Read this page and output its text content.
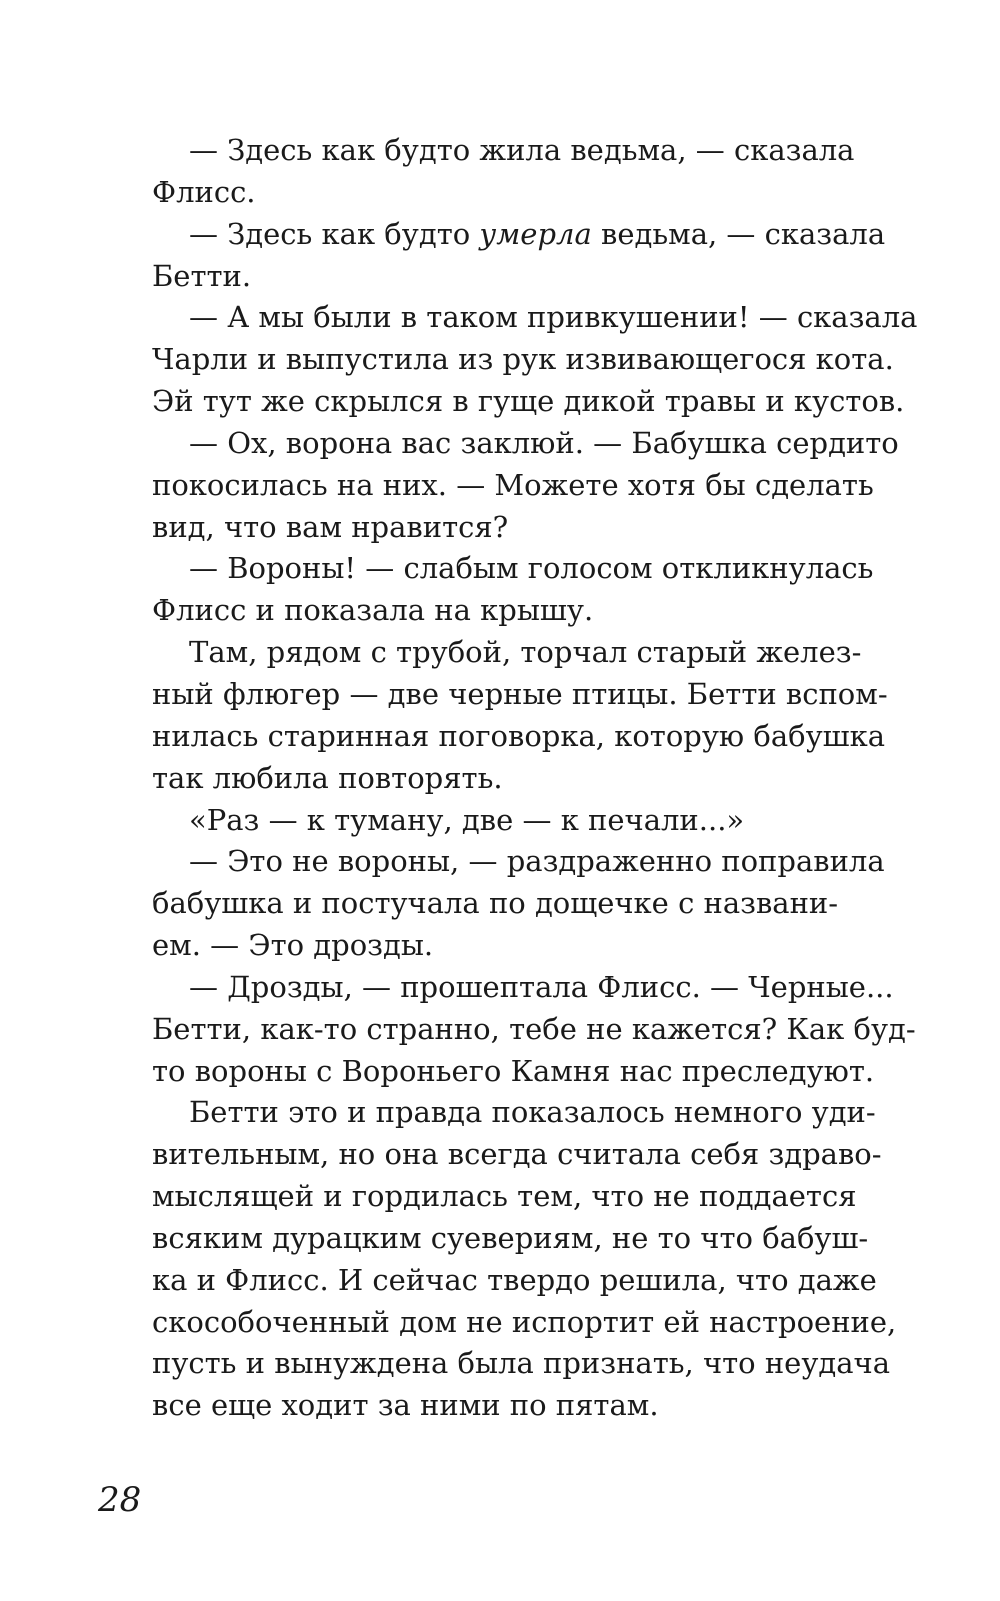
— Здесь как будто жила ведьма, — сказала
Флисс.
— Здесь как будто умерла ведьма, — сказала
Бетти.
— А мы были в таком привкушении! — сказала
Чарли и выпустила из рук извивающегося кота.
Эй тут же скрылся в гуще дикой травы и кустов.
— Ох, ворона вас заклюй. — Бабушка сердито
покосилась на них. — Можете хотя бы сделать
вид, что вам нравится?
— Вороны! — слабым голосом откликнулась
Флисс и показала на крышу.
Там, рядом с трубой, торчал старый желез-
ный флюгер — две черные птицы. Бетти вспом-
нилась старинная поговорка, которую бабушка
так любила повторять.
«Раз — к туману, две — к печали...»
— Это не вороны, — раздраженно поправила
бабушка и постучала по дощечке с названи-
ем. — Это дрозды.
— Дрозды, — прошептала Флисс. — Черные...
Бетти, как-то странно, тебе не кажется? Как буд-
то вороны с Вороньего Камня нас преследуют.
Бетти это и правда показалось немного уди-
вительным, но она всегда считала себя здраво-
мыслящей и гордилась тем, что не поддается
всяким дурацким суевериям, не то что бабуш-
ка и Флисс. И сейчас твердо решила, что даже
скособоченный дом не испортит ей настроение,
пусть и вынуждена была признать, что неудача
все еще ходит за ними по пятам.
28
